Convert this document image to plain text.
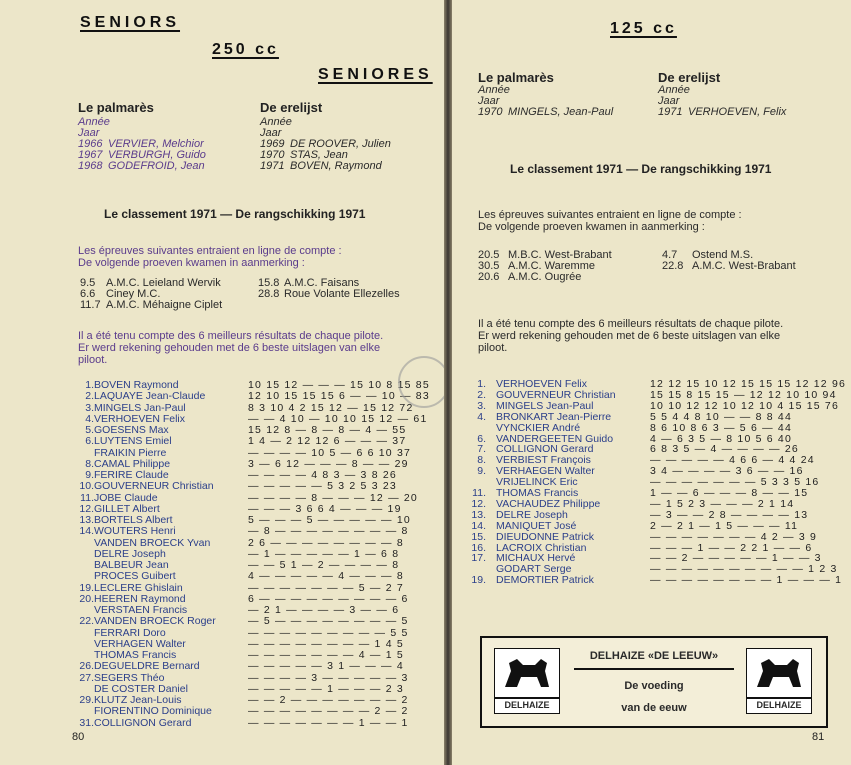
SENIORS
250 cc
SENIORES
Le palmarès
Année
Jaar
1966 VERVIER, Melchior
1967 VERBURGH, Guido
1968 GODEFROID, Jean
De erelijst
Année
Jaar
1969 DE ROOVER, Julien
1970 STAS, Jean
1971 BOVEN, Raymond
Le classement 1971 — De rangschikking 1971
Les épreuves suivantes entraient en ligne de compte :
De volgende proeven kwamen in aanmerking :
9.5 A.M.C. Leieland Wervik
6.6 Ciney M.C.
11.7 A.M.C. Méhaigne Ciplet
15.8 A.M.C. Faisans
28.8 Roue Volante Ellezelles
Il a été tenu compte des 6 meilleurs résultats de chaque pilote.
Er werd rekening gehouden met de 6 beste uitslagen van elke
piloot.
1. BOVEN Raymond	10 15 12 — — — 15 10 8 15 85
2. LAQUAYE Jean-Claude	12 10 15 15 15 6 — — 10 — 83
3. MINGELS Jan-Paul	8 3 10 4 2 15 12 — 15 12 72
4. VERHOEVEN Felix	— — 4 10 — 10 10 15 12 — 61
5. GOESENS Max	15 12 8 — 8 — 8 — 4 — 55
6. LUYTENS Emiel	1 4 — 2 12 12 6 — — — 37
FRAIKIN Pierre	— — — — 10 5 — 6 6 10 37
8. CAMAL Philippe	3 — 6 12 — — — 8 — — 29
9. FERIRE Claude	— — — — 4 8 3 — 3 8 26
10. GOUVERNEUR Christian	— — — — — 5 3 2 5 3 23
11. JOBE Claude	— — — — 8 — — — 12 — 20
12. GILLET Albert	— — — 3 6 6 4 — — — 19
13. BORTELS Albert	5 — — — 5 — — — — — 10
14. WOUTERS Henri	— 8 — — — — — — — — 8
VANDEN BROECK Yvan	2 6 — — — — — — — — 8
DELRE Joseph	— 1 — — — — — 1 — 6 8
BALBEUR Jean	— — 5 1 — 2 — — — — 8
PROCES Guibert	4 — — — — — 4 — — — 8
19. LECLERE Ghislain	— — — — — — — 5 — 2 7
20. HEEREN Raymond	6 — — — — — — — — — 6
VERSTAEN Francis	— 2 1 — — — — 3 — — 6
22. VANDEN BROECK Roger	— 5 — — — — — — — — 5
FERRARI Doro	— — — — — — — — — 5 5
VERHAGEN Walter	— — — — — — — — 1 4 5
THOMAS Francis	— — — — — — — 4 — 1 5
26. DEGUELDRE Bernard	— — — — — 3 1 — — — 4
27. SEGERS Théo	— — — — 3 — — — — — 3
DE COSTER Daniel	— — — — — 1 — — — 2 3
29. KLUTZ Jean-Louis	— — 2 — — — — — — — 2
FIORENTINO Dominique	— — — — — — — — 2 — 2
31. COLLIGNON Gerard	— — — — — — — 1 — — 1
80
125 cc
Le palmarès
Année
Jaar
1970 MINGELS, Jean-Paul
De erelijst
Année
Jaar
1971 VERHOEVEN, Felix
Le classement 1971 — De rangschikking 1971
Les épreuves suivantes entraient en ligne de compte :
De volgende proeven kwamen in aanmerking :
20.5 M.B.C. West-Brabant
30.5 A.M.C. Waremme
20.6 A.M.C. Ougrée
4.7 Ostend M.S.
22.8 A.M.C. West-Brabant
Il a été tenu compte des 6 meilleurs résultats de chaque pilote.
Er werd rekening gehouden met de 6 beste uitslagen van elke
piloot.
1. VERHOEVEN Felix	12 12 15 10 12 15 15 15 12 12 96
2. GOUVERNEUR Christian	15 15 8 15 15 — 12 12 10 10 94
3. MINGELS Jean-Paul	10 10 12 12 10 12 10 4 15 15 76
4. BRONKART Jean-Pierre	5 5 4 4 8 10 — — 8 8 44
VYNCKIER André	8 6 10 8 6 3 — 5 6 — 44
6. VANDERGEETEN Guido	4 — 6 3 5 — 8 10 5 6 40
7. COLLIGNON Gerard	6 8 3 5 — 4 — — — — 26
8. VERBIEST François	— — — — — 4 6 6 — 4 4 24
9. VERHAEGEN Walter	3 4 — — — — 3 6 — — 16
VRIJELINCK Eric	— — — — — — — 5 3 3 5 16
11. THOMAS Francis	1 — — 6 — — — 8 — — 15
12. VACHAUDEZ Philippe	— 1 5 2 3 — — — 2 1 14
13. DELRE Joseph	— 3 — — 2 8 — — — — 13
14. MANIQUET José	2 — 2 1 — 1 5 — — — 11
15. DIEUDONNE Patrick	— — — — — — — 4 2 — 3 9
16. LACROIX Christian	— — — 1 — — 2 2 1 — — 6
17. MICHAUX Hervé	— — 2 — — — — — 1 — — 3
GODART Serge	— — — — — — — — — — 1 2 3
19. DEMORTIER Patrick	— — — — — — — — 1 — — — 1
DELHAIZE
DELHAIZE «DE LEEUW»
De voeding
van de eeuw	DELHAIZE
81
